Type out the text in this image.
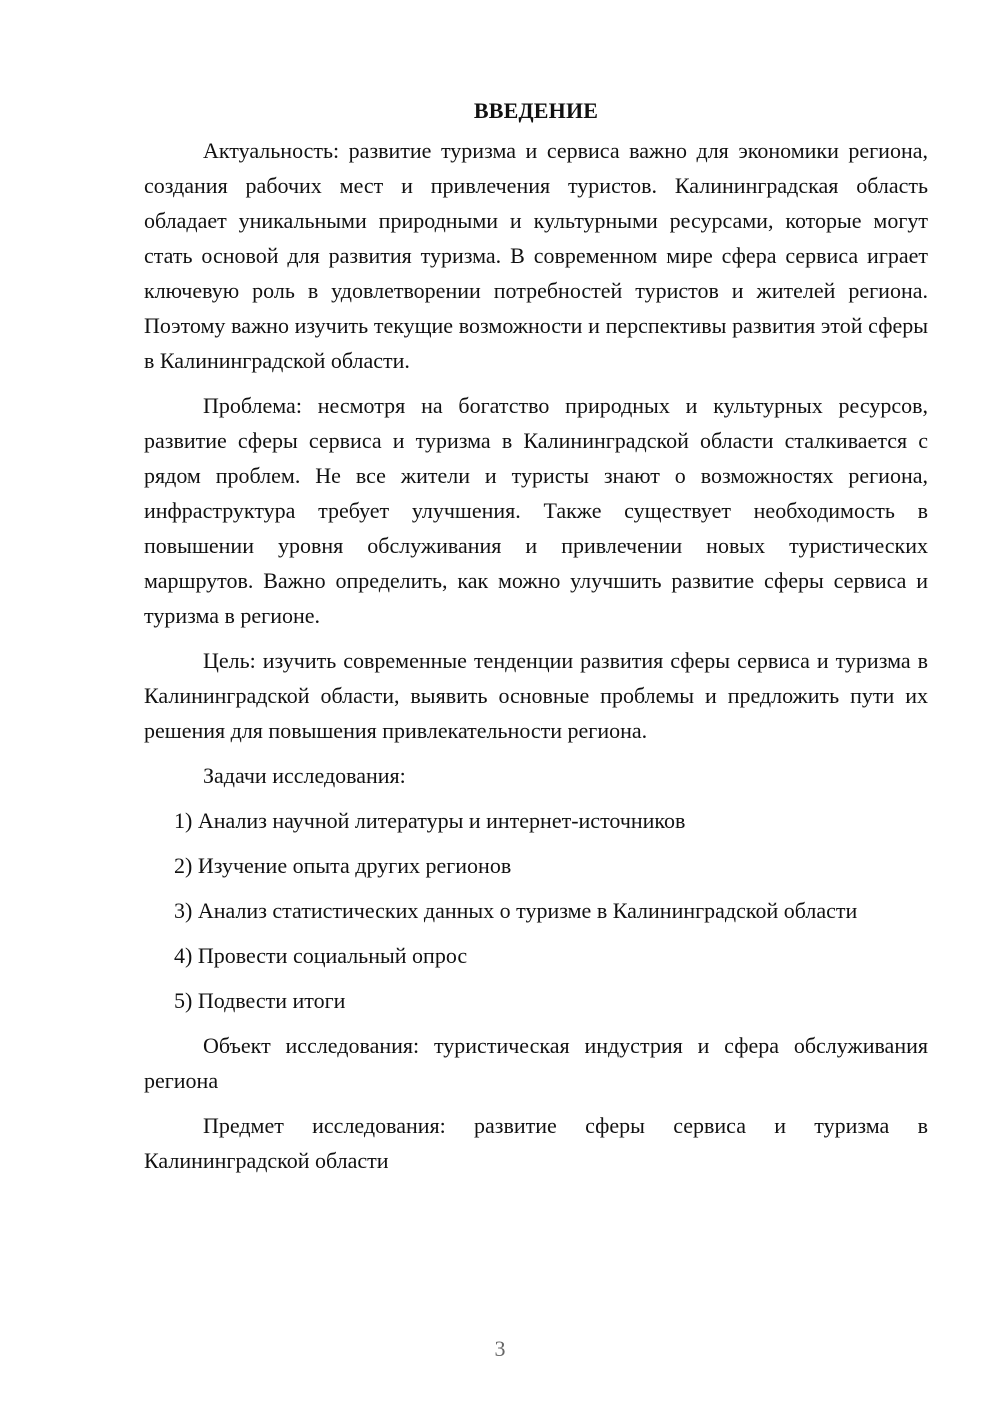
ВВЕДЕНИЕ

Актуальность: развитие туризма и сервиса важно для экономики региона, создания рабочих мест и привлечения туристов. Калининградская область обладает уникальными природными и культурными ресурсами, которые могут стать основой для развития туризма. В современном мире сфера сервиса играет ключевую роль в удовлетворении потребностей туристов и жителей региона. Поэтому важно изучить текущие возможности и перспективы развития этой сферы в Калининградской области.

Проблема: несмотря на богатство природных и культурных ресурсов, развитие сферы сервиса и туризма в Калининградской области сталкивается с рядом проблем. Не все жители и туристы знают о возможностях региона, инфраструктура требует улучшения. Также существует необходимость в повышении уровня обслуживания и привлечении новых туристических маршрутов. Важно определить, как можно улучшить развитие сферы сервиса и туризма в регионе.

Цель: изучить современные тенденции развития сферы сервиса и туризма в Калининградской области, выявить основные проблемы и предложить пути их решения для повышения привлекательности региона.

Задачи исследования:

1) Анализ научной литературы и интернет-источников

2) Изучение опыта других регионов

3) Анализ статистических данных о туризме в Калининградской области

4) Провести социальный опрос

5) Подвести итоги

Объект исследования: туристическая индустрия и сфера обслуживания региона

Предмет исследования: развитие сферы сервиса и туризма в Калининградской области

3
